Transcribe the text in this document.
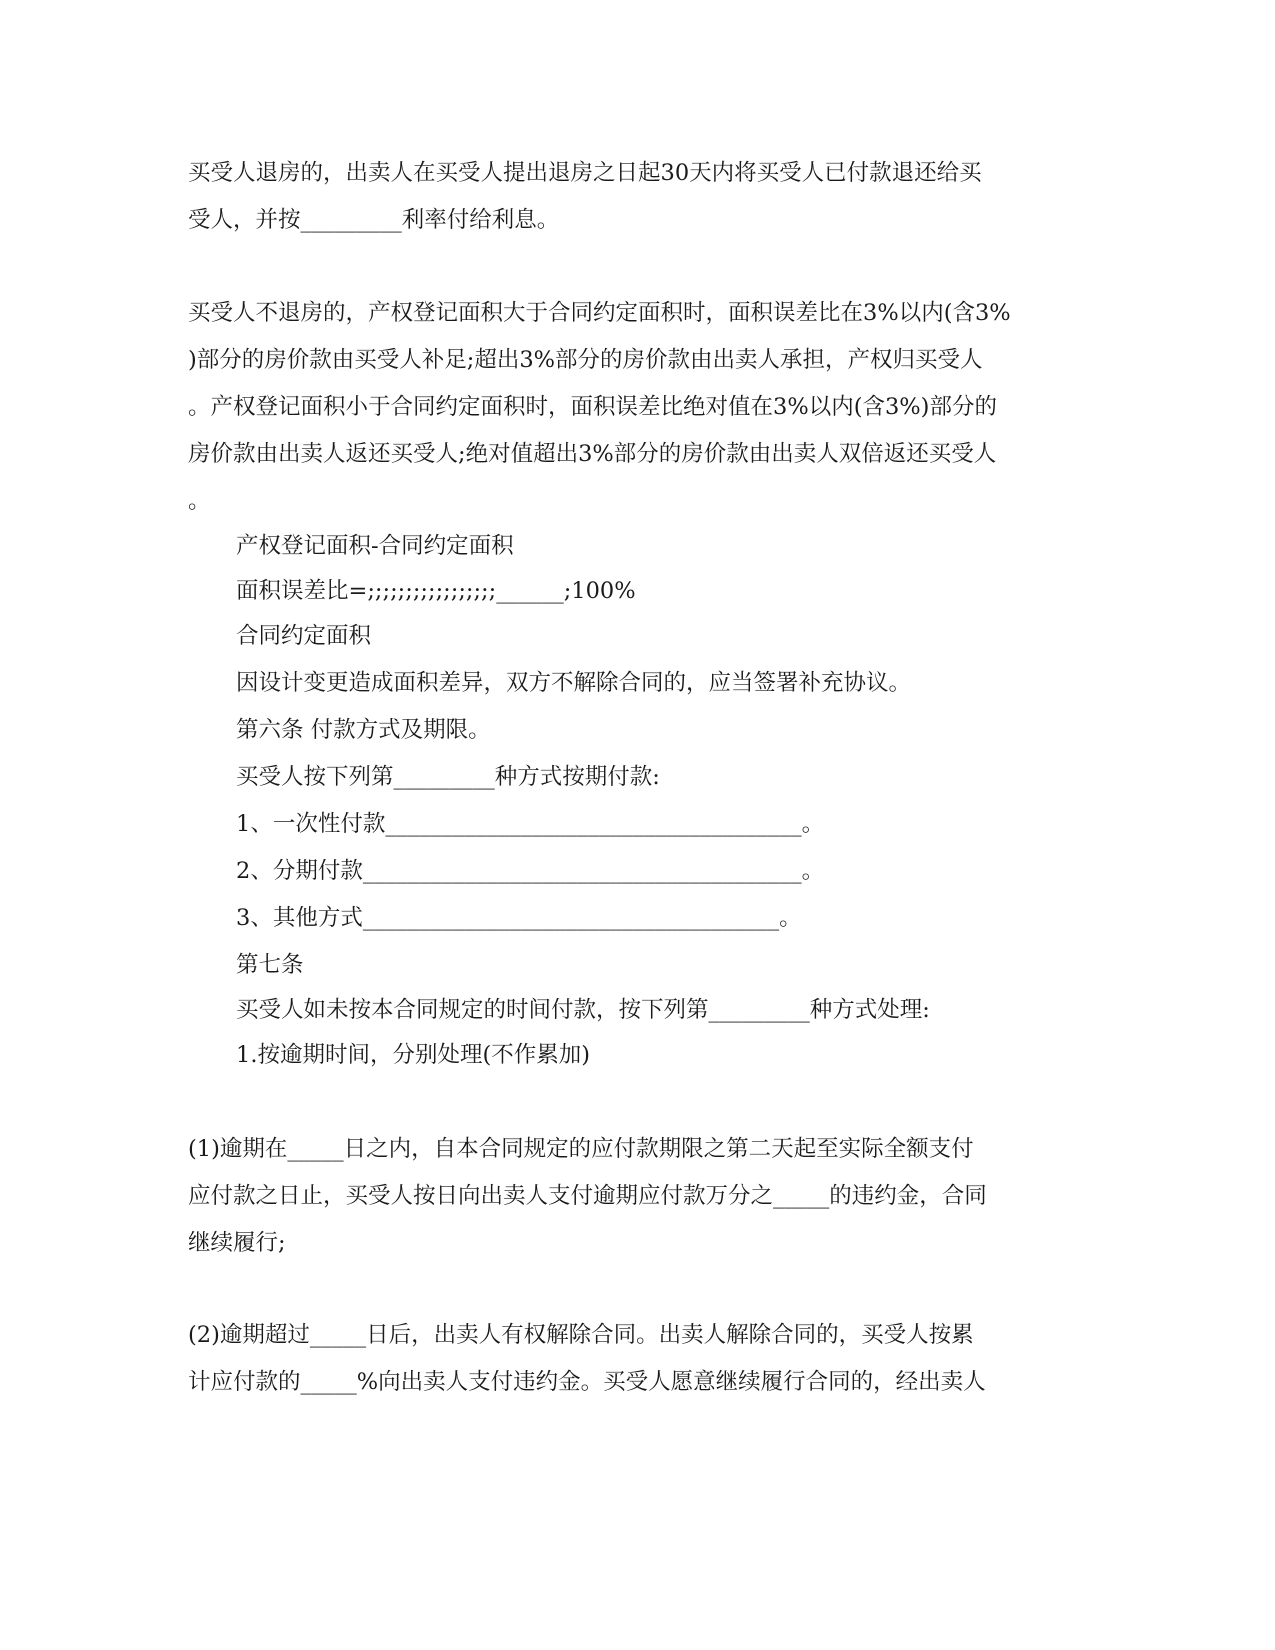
买受人退房的，出卖人在买受人提出退房之日起30天内将买受人已付款退还给买

受人，并按_________利率付给利息。

买受人不退房的，产权登记面积大于合同约定面积时，面积误差比在3%以内(含3%

)部分的房价款由买受人补足;超出3%部分的房价款由出卖人承担，产权归买受人

。产权登记面积小于合同约定面积时，面积误差比绝对值在3%以内(含3%)部分的

房价款由出卖人返还买受人;绝对值超出3%部分的房价款由出卖人双倍返还买受人

。

产权登记面积-合同约定面积

面积误差比=;;;;;;;;;;;;;;;;;______;100%

合同约定面积

因设计变更造成面积差异，双方不解除合同的，应当签署补充协议。

第六条 付款方式及期限。

买受人按下列第_________种方式按期付款:

1、一次性付款_____________________________________。

2、分期付款_______________________________________。

3、其他方式_____________________________________。

第七条

买受人如未按本合同规定的时间付款，按下列第_________种方式处理:

1.按逾期时间，分别处理(不作累加)

(1)逾期在_____日之内，自本合同规定的应付款期限之第二天起至实际全额支付

应付款之日止，买受人按日向出卖人支付逾期应付款万分之_____的违约金，合同

继续履行;

(2)逾期超过_____日后，出卖人有权解除合同。出卖人解除合同的，买受人按累

计应付款的_____%向出卖人支付违约金。买受人愿意继续履行合同的，经出卖人
